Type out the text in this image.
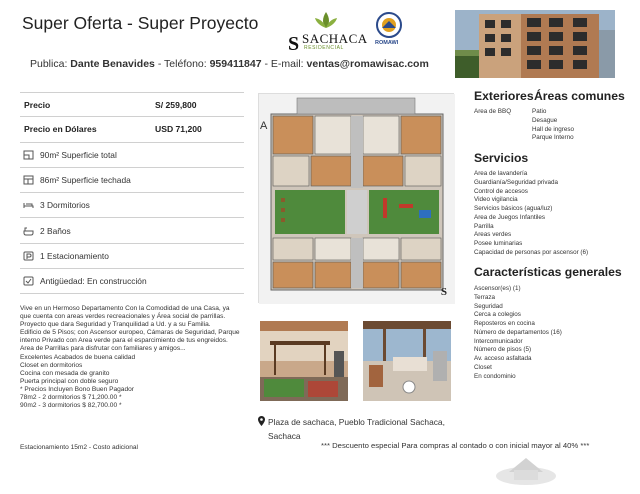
Super Oferta - Super Proyecto
Publica: Dante Benavides - Teléfono: 959411847 - E-mail: ventas@romawisac.com
S SACHACA
RESIDENCIAL
ROMAWI
Precio	S/ 259,800
Precio en Dólares	USD 71,200
90m² Superficie total
86m² Superficie techada
3 Dormitorios
2 Baños
1 Estacionamiento
Antigüedad: En construcción

Vive en un Hermoso Departamento Con la Comodidad de una Casa, ya

que cuenta con areas verdes recreacionales y Área social de parrillas.

Proyecto que dara Seguridad y Tranquilidad a Ud. y a su Familia.

Edificio de 5 Pisos; con Ascensor europeo, Cámaras de Seguridad, Parque

interno Privado con Area verde para el esparcimiento de tus engreidos.

Area de Parrillas para disfrutar con familiares y amigos...

Excelentes Acabados de buena calidad

Closet en dormitorios

Cocina con mesada de granito

Puerta principal con doble seguro

* Precios Incluyen Bono Buen Pagador

78m2 - 2 dormitorios $ 71,200.00 *

90m2 - 3 dormitorios $ 82,700.00 *

Estacionamiento 15m2 - Costo adicional
A
S
Plaza de sachaca, Pueblo Tradicional Sachaca,
Sachaca
*** Descuento especial Para compras al contado o con inicial mayor al 40% ***
Exteriores Áreas comunes
Area de BBQ	Patio
Desague
Hall de ingreso
Parque Interno
Servicios
Area de lavandería
Guardianía/Seguridad privada
Control de accesos
Video vigilancia
Servicios básicos (agua/luz)
Area de Juegos Infantiles
Parrilla
Areas verdes
Posee luminarias
Capacidad de personas por ascensor (6)
Características generales
Ascensor(es) (1)
Terraza
Seguridad
Cerca a colegios
Reposteros en cocina
Número de departamentos (16)
Intercomunicador
Número de pisos (5)
Av. acceso asfaltada
Closet
En condominio
